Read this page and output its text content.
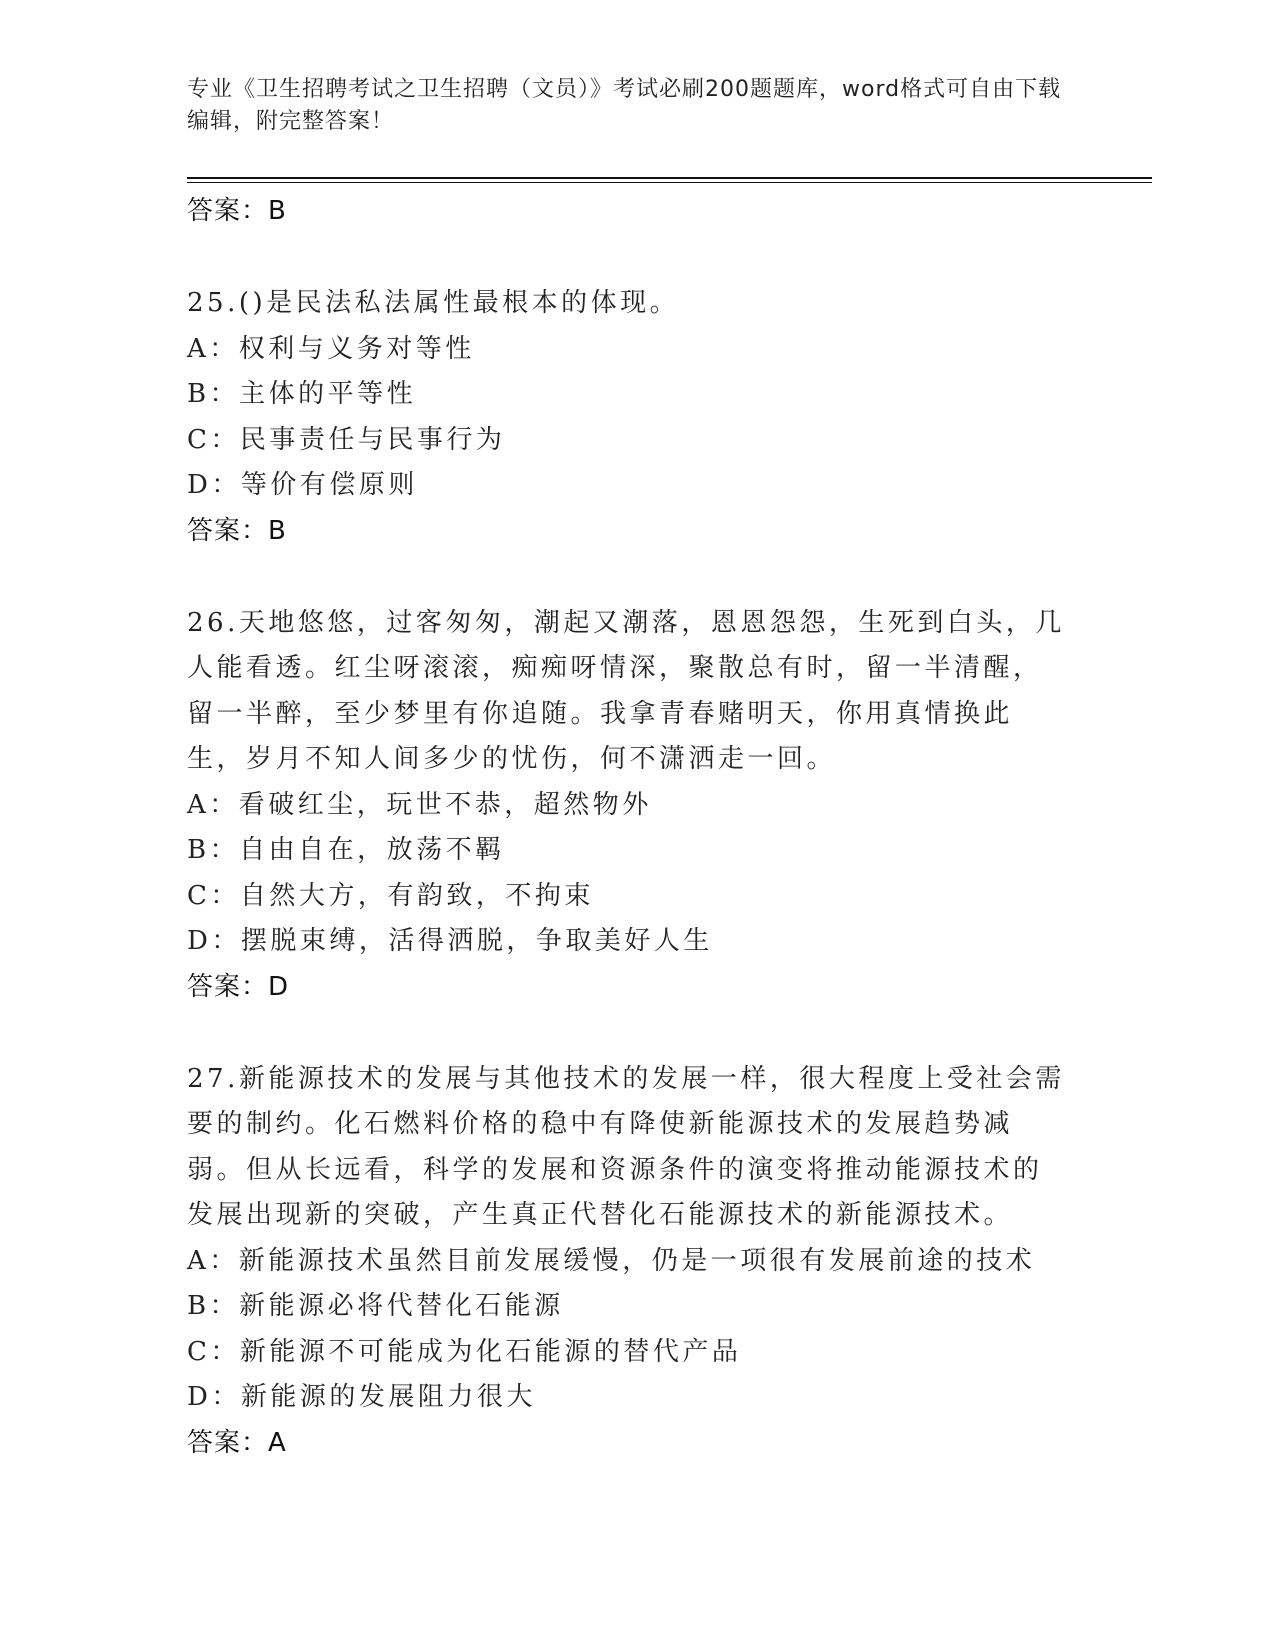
专业《卫生招聘考试之卫生招聘（文员）》考试必刷200题题库，word格式可自由下载编辑，附完整答案！
答案：B
25.()是民法私法属性最根本的体现。
A：权利与义务对等性
B：主体的平等性
C：民事责任与民事行为
D：等价有偿原则
答案：B
26.天地悠悠，过客匆匆，潮起又潮落，恩恩怨怨，生死到白头，几人能看透。红尘呀滚滚，痴痴呀情深，聚散总有时，留一半清醒，留一半醉，至少梦里有你追随。我拿青春赌明天，你用真情换此生，岁月不知人间多少的忧伤，何不潇洒走一回。
A：看破红尘，玩世不恭，超然物外
B：自由自在，放荡不羁
C：自然大方，有韵致，不拘束
D：摆脱束缚，活得洒脱，争取美好人生
答案：D
27.新能源技术的发展与其他技术的发展一样，很大程度上受社会需要的制约。化石燃料价格的稳中有降使新能源技术的发展趋势减弱。但从长远看，科学的发展和资源条件的演变将推动能源技术的发展出现新的突破，产生真正代替化石能源技术的新能源技术。
A：新能源技术虽然目前发展缓慢，仍是一项很有发展前途的技术
B：新能源必将代替化石能源
C：新能源不可能成为化石能源的替代产品
D：新能源的发展阻力很大
答案：A
